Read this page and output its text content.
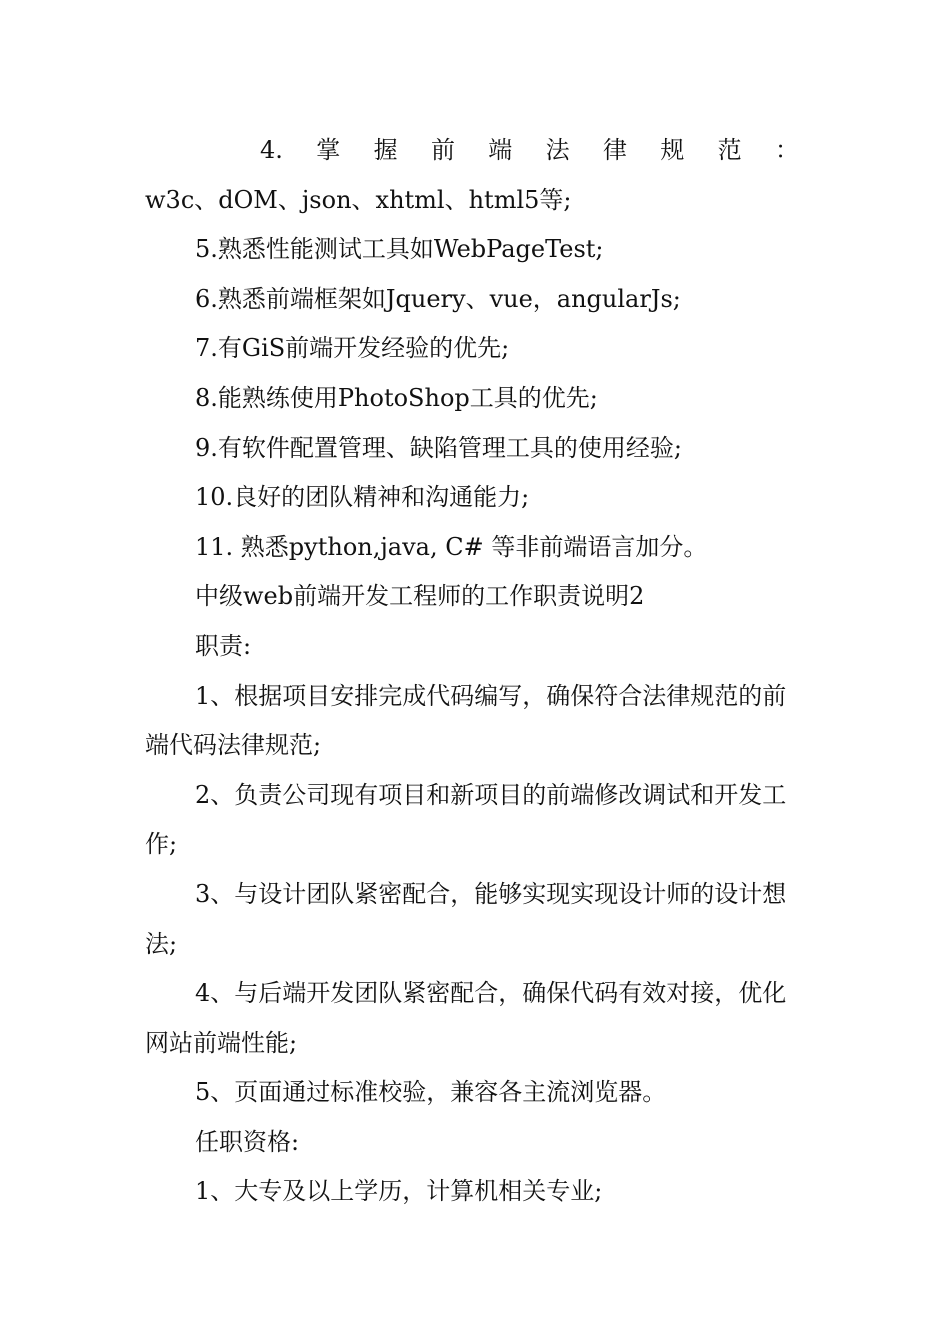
4. 掌 握 前 端 法 律 规 范 ：

w3c、dOM、json、xhtml、html5等;

5.熟悉性能测试工具如WebPageTest;

6.熟悉前端框架如Jquery、vue，angularJs;

7.有GiS前端开发经验的优先;

8.能熟练使用PhotoShop工具的优先;

9.有软件配置管理、缺陷管理工具的使用经验;

10.良好的团队精神和沟通能力;

11. 熟悉python,java, C# 等非前端语言加分。

中级web前端开发工程师的工作职责说明2

职责:

1、根据项目安排完成代码编写，确保符合法律规范的前端代码法律规范;

2、负责公司现有项目和新项目的前端修改调试和开发工作;

3、与设计团队紧密配合，能够实现实现设计师的设计想法;

4、与后端开发团队紧密配合，确保代码有效对接，优化网站前端性能;

5、页面通过标准校验，兼容各主流浏览器。

任职资格:

1、大专及以上学历，计算机相关专业;
